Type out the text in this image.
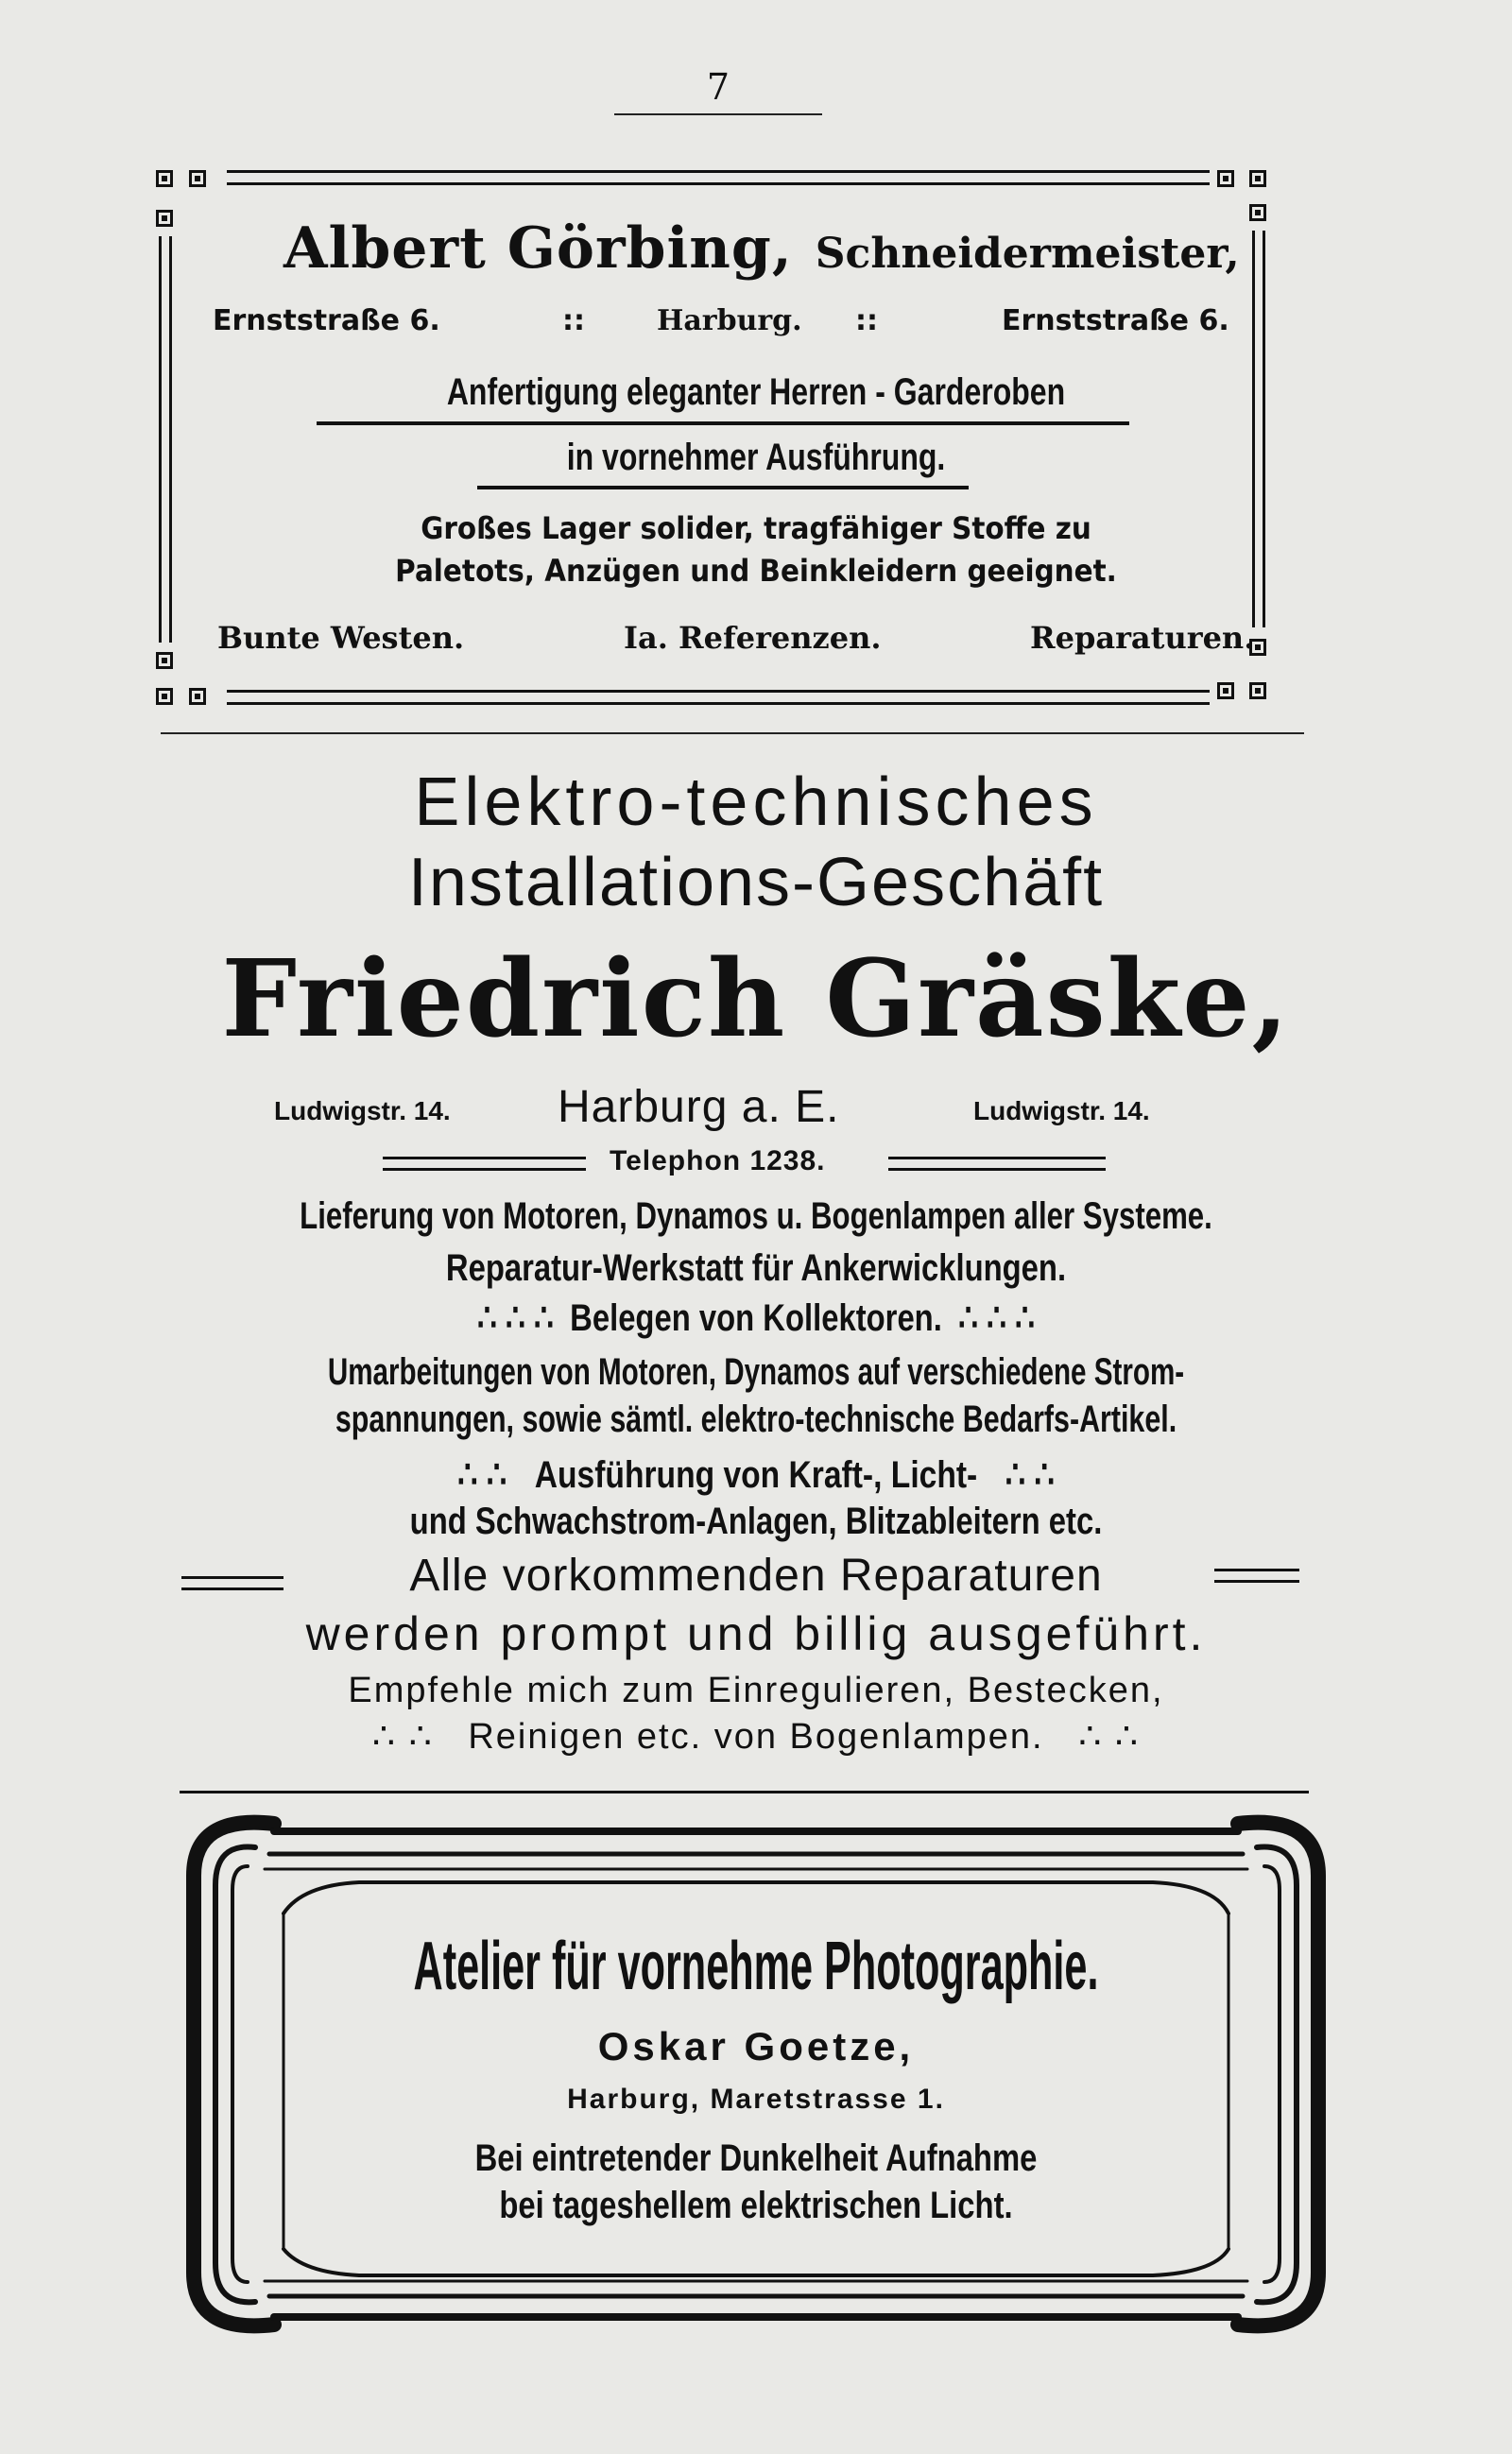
7
Albert Görbing, Schneidermeister,
Ernststraße 6.	::	Harburg. ::	Ernststraße 6.
Anfertigung eleganter Herren - Garderoben
in vornehmer Ausführung.
Großes Lager solider, tragfähiger Stoffe zu
Paletots, Anzügen und Beinkleidern geeignet.
Bunte Westen.	Ia. Referenzen.	Reparaturen.
Elektro-technisches
Installations-Geschäft
Friedrich Gräske,
Ludwigstr. 14. Harburg a. E.	Ludwigstr. 14.
Telephon 1238.
Lieferung von Motoren, Dynamos u. Bogenlampen aller Systeme.
Reparatur-Werkstatt für Ankerwicklungen.
∴ ∴ ∴ Belegen von Kollektoren. ∴ ∴ ∴
Umarbeitungen von Motoren, Dynamos auf verschiedene Strom-
spannungen, sowie sämtl. elektro-technische Bedarfs-Artikel.
∴ ∴ Ausführung von Kraft-, Licht- ∴ ∴
und Schwachstrom-Anlagen, Blitzableitern etc.
Alle vorkommenden Reparaturen
werden prompt und billig ausgeführt.
Empfehle mich zum Einregulieren, Bestecken,
∴ ∴ Reinigen etc. von Bogenlampen. ∴ ∴
Atelier für vornehme Photographie.
Oskar Goetze,
Harburg, Maretstrasse 1.
Bei eintretender Dunkelheit Aufnahme
bei tageshellem elektrischen Licht.
